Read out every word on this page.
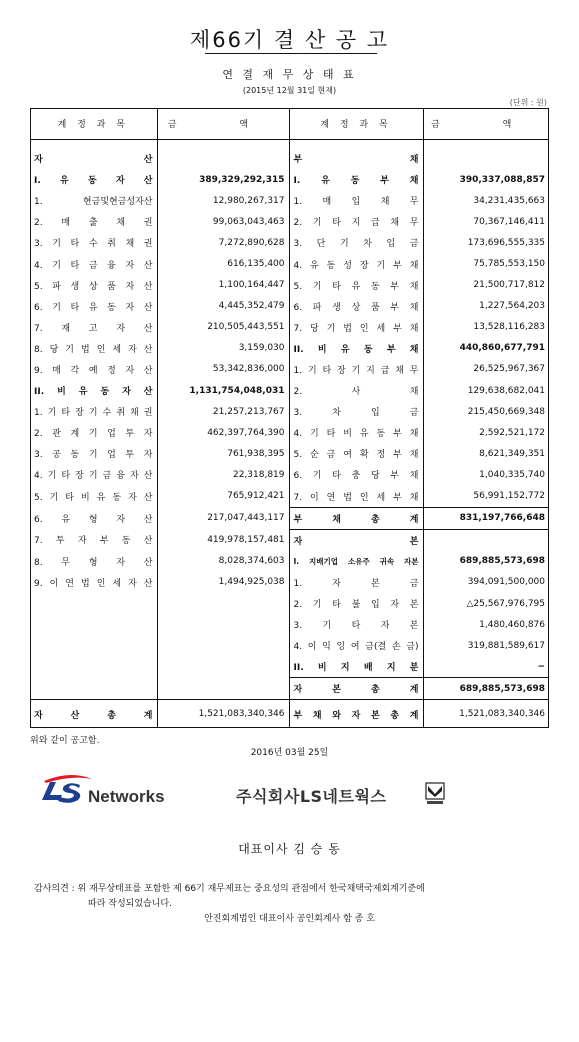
제66기 결 산 공 고
연 결 재 무 상 태 표
(2015년 12월 31일 현재)
(단위 : 원)
계 정 과 목	금 액	계 정 과 목	금 액

자 산		부 채	
I. 유 동 자 산	389,329,292,315	I. 유 동 부 채	390,337,088,857
1. 현금및현금성자산	12,980,267,317	1. 매 입 채 무	34,231,435,663
2. 매 출 채 권	99,063,043,463	2. 기 타 지 급 채 무	70,367,146,411
3. 기 타 수 취 채 권	7,272,890,628	3. 단 기 차 입 금	173,696,555,335
4. 기 타 금 융 자 산	616,135,400	4. 유 동 성 장 기 부 채	75,785,553,150
5. 파 생 상 품 자 산	1,100,164,447	5. 기 타 유 동 부 채	21,500,717,812
6. 기 타 유 동 자 산	4,445,352,479	6. 파 생 상 품 부 채	1,227,564,203
7. 재 고 자 산	210,505,443,551	7. 당 기 법 인 세 부 채	13,528,116,283
8. 당 기 법 인 세 자 산	3,159,030	II. 비 유 동 부 채	440,860,677,791
9. 매 각 예 정 자 산	53,342,836,000	1. 기 타 장 기 지 급 채 무	26,525,967,367
II. 비 유 동 자 산	1,131,754,048,031	2. 사 채	129,638,682,041
1. 기 타 장 기 수 취 채 권	21,257,213,767	3. 차 입 금	215,450,669,348
2. 관 계 기 업 투 자	462,397,764,390	4. 기 타 비 유 동 부 채	2,592,521,172
3. 공 동 기 업 투 자	761,938,395	5. 순 금 여 확 정 부 채	8,621,349,351
4. 기 타 장 기 금 융 자 산	22,318,819	6. 기 타 충 당 부 채	1,040,335,740
5. 기 타 비 유 동 자 산	765,912,421	7. 이 연 법 인 세 부 채	56,991,152,772
6. 유 형 자 산	217,047,443,117	부 채 총 계	831,197,766,648
7. 투 자 부 동 산	419,978,157,481	자 본	
8. 무 형 자 산	8,028,374,603	I. 지배기업 소유주 귀속 자본	689,885,573,698
9. 이 연 법 인 세 자 산	1,494,925,038	1. 자 본 금	394,091,500,000
		2. 기 타 불 입 자 본	△25,567,976,795
		3. 기 타 자 본	1,480,460,876
		4. 이 익 잉 여 금(결 손 금)	319,881,589,617
		II. 비 지 배 지 분	−
		자 본 총 계	689,885,573,698
자 산 총 계	1,521,083,340,346	부 채 와 자 본 총 계	1,521,083,340,346
위와 같이 공고함.
2016년 03월 25일
Networks	주식회사LS네트웍스
대표이사 김 승 동
감사의견 : 위 재무상태표를 포함한 제 66기 재무제표는 중요성의 관점에서 한국채택국제회계기준에
따라 작성되었습니다.
안진회계법인 대표이사 공인회계사 함 종 호
